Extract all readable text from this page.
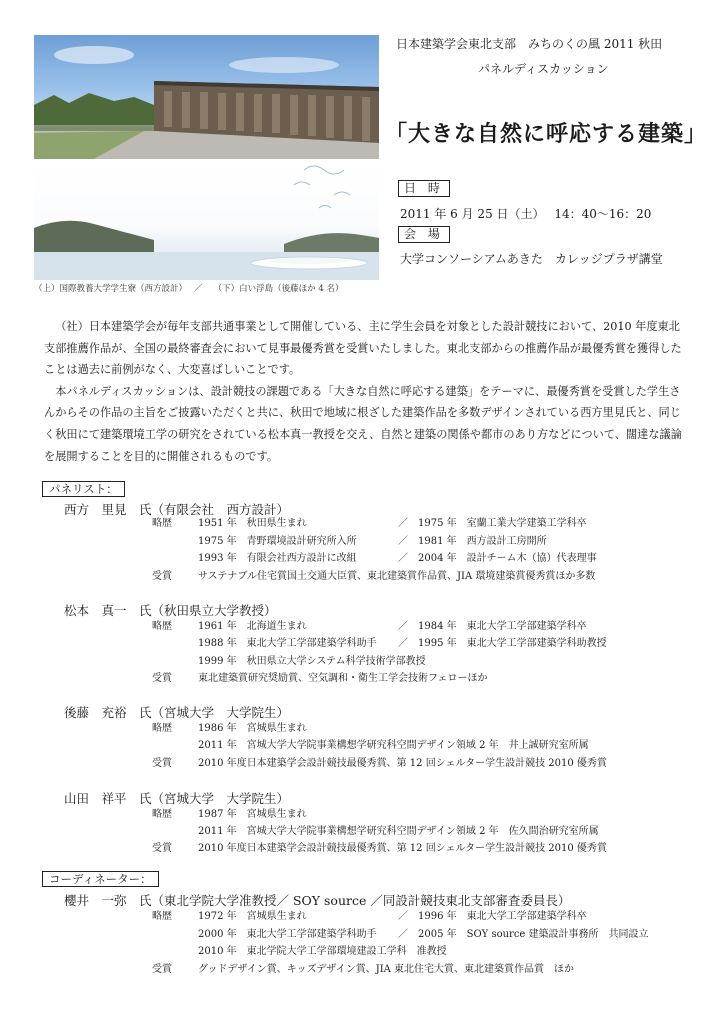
（上）国際教養大学学生寮（西方設計）　 ／　 （下）白い浮島（後藤ほか 4 名）
日本建築学会東北支部　みちのくの風 2011 秋田
パネルディスカッション
「大きな自然に呼応する建築」
日 時
2011 年 6 月 25 日（土）　 14：40〜16：20
会 場
大学コンソーシアムあきた　カレッジプラザ講堂

（社）日本建築学会が毎年支部共通事業として開催している、主に学生会員を対象とした設計競技において、2010 年度東北支部推薦作品が、全国の最終審査会において見事最優秀賞を受賞いたしました。東北支部からの推薦作品が最優秀賞を獲得したことは過去に前例がなく、大変喜ばしいことです。

本パネルディスカッションは、設計競技の課題である「大きな自然に呼応する建築」をテーマに、最優秀賞を受賞した学生さんからその作品の主旨をご披露いただくと共に、秋田で地域に根ざした建築作品を多数デザインされている西方里見氏と、同じく秋田にて建築環境工学の研究をされている松本真一教授を交え、自然と建築の関係や都市のあり方などについて、闊達な議論を展開することを目的に開催されるものです。

パネリスト：
西方　里見　氏（有限会社　西方設計）
略歴	1951 年　秋田県生まれ	／　1975 年　室蘭工業大学建築工学科卒
1975 年　青野環境設計研究所入所	／　1981 年　西方設計工房開所
1993 年　有限会社西方設計に改組	／　2004 年　設計チーム木（協）代表理事
受賞	サステナブル住宅賞国土交通大臣賞、東北建築賞作品賞、JIA 環境建築賞優秀賞ほか多数
松本　真一　氏（秋田県立大学教授）
略歴	1961 年　北海道生まれ	／　1984 年　東北大学工学部建築学科卒
1988 年　東北大学工学部建築学科助手 ／　1995 年　東北大学工学部建築学科助教授
1999 年　秋田県立大学システム科学技術学部教授
受賞	東北建築賞研究奨励賞、空気調和・衛生工学会技術フェローほか
後藤　充裕　氏（宮城大学　大学院生）
略歴	1986 年　宮城県生まれ
2011 年　宮城大学大学院事業構想学研究科空間デザイン領域 2 年　井上誠研究室所属
受賞	2010 年度日本建築学会設計競技最優秀賞、第 12 回シェルター学生設計競技 2010 優秀賞
山田　祥平　氏（宮城大学　大学院生）
略歴	1987 年　宮城県生まれ
2011 年　宮城大学大学院事業構想学研究科空間デザイン領域 2 年　佐久間治研究室所属
受賞	2010 年度日本建築学会設計競技最優秀賞、第 12 回シェルター学生設計競技 2010 優秀賞
コーディネーター：
櫻井　一弥　氏（東北学院大学准教授／ SOY source ／同設計競技東北支部審査委員長）
略歴	1972 年　宮城県生まれ	／　1996 年　東北大学工学部建築学科卒
2000 年　東北大学工学部建築学科助手 ／　2005 年　SOY source 建築設計事務所　共同設立
2010 年　東北学院大学工学部環境建設工学科　准教授
受賞	グッドデザイン賞、キッズデザイン賞、JIA 東北住宅大賞、東北建築賞作品賞　ほか
